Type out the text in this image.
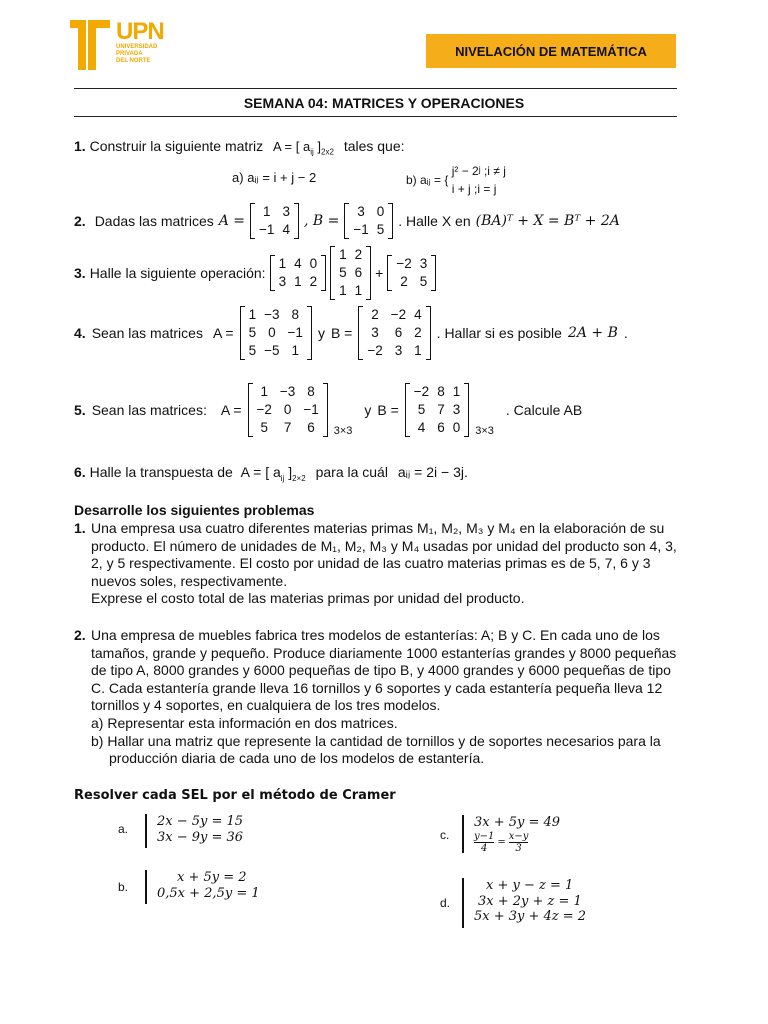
UPN
UNIVERSIDAD
PRIVADA
DEL NORTE
NIVELACIÓN DE MATEMÁTICA
SEMANA 04: MATRICES Y OPERACIONES
1. Construir la siguiente matriz A = [ $a_{ij}$ ]$_{2x2}$ tales que:
a) aᵢⱼ = i + j − 2	b) aᵢⱼ = {
j² − 2ʲ ;i ≠ j
i + j ;i = j
2. Dadas las matrices A =
1	3
−1	4
, B =
3	0
−1	5
. Halle X en (BA)ᵀ + X = Bᵀ + 2A
3. Halle la siguiente operación:
1	4	0
3	1	2
1	2
5	6
1	1
+
−2	3
2	5
4. Sean las matrices A =
1	−3	8
5	0	−1
5	−5	1
y B =
2	−2	4
3	6	2
−2	3	1
. Hallar si es posible 2A + B .
5. Sean las matrices: A =
1	−3	8
−2	0	−1
5	7	6 3×3
y B =
−2	8	1
5	7	3
4	6	0 3×3
. Calcule AB
6. Halle la transpuesta de A = [ $a_{ij}$ ]$_{2\times 2}$ para la cuál aᵢⱼ = 2i − 3j.
Desarrolle los siguientes problemas
1. Una empresa usa cuatro diferentes materias primas M₁, M₂, M₃ y M₄ en la elaboración de su
producto. El número de unidades de M₁, M₂, M₃ y M₄ usadas por unidad del producto son 4, 3,
2, y 5 respectivamente. El costo por unidad de las cuatro materias primas es de 5, 7, 6 y 3
nuevos soles, respectivamente.
Exprese el costo total de las materias primas por unidad del producto.
2. Una empresa de muebles fabrica tres modelos de estanterías: A; B y C. En cada uno de los
tamaños, grande y pequeño. Produce diariamente 1000 estanterías grandes y 8000 pequeñas
de tipo A, 8000 grandes y 6000 pequeñas de tipo B, y 4000 grandes y 6000 pequeñas de tipo
C. Cada estantería grande lleva 16 tornillos y 6 soportes y cada estantería pequeña lleva 12
tornillos y 4 soportes, en cualquiera de los tres modelos.
a) Representar esta información en dos matrices.
b) Hallar una matriz que represente la cantidad de tornillos y de soportes necesarios para la
producción diaria de cada uno de los modelos de estantería.
Resolver cada SEL por el método de Cramer
a. 2x − 5y = 15
3x − 9y = 36
b.
x + 5y = 2
0,5x + 2,5y = 1
c.
3x + 5y = 49
$\frac{y-1}{4} = \frac{x-y}{3}$
d.
x + y − z = 1
3x + 2y + z = 1
5x + 3y + 4z = 2
